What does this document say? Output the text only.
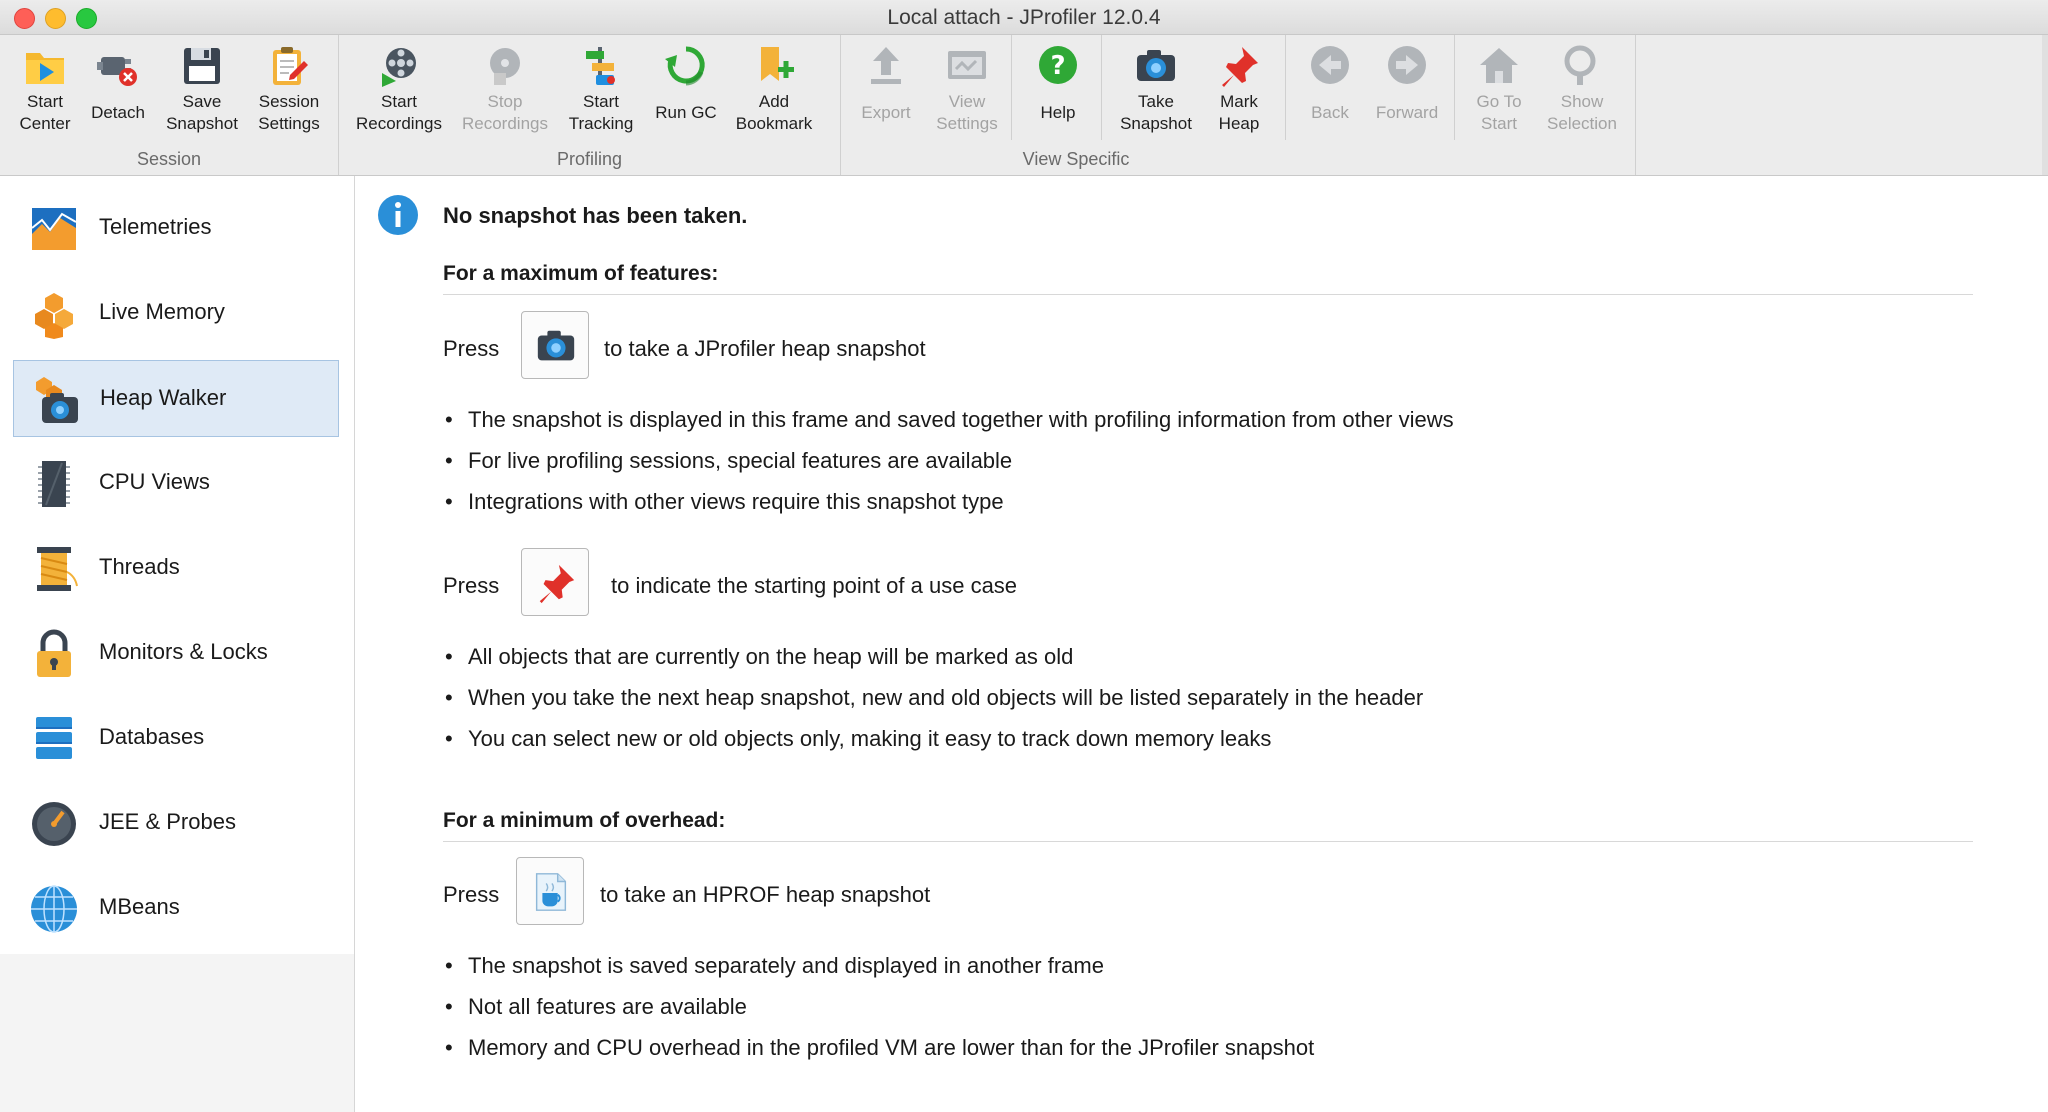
Local attach - JProfiler 12.0.4
Start
Center
Detach
Save
Snapshot
Session
Settings
Session
Start
Recordings
Stop
Recordings
Start
Tracking
Run GC
Add
Bookmark
Profiling
Export
View
Settings
?
Help
Take
Snapshot
Mark
Heap
Back	Forward
Go To
Start
Show
Selection
View Specific
Telemetries
Live Memory
Heap Walker
CPU Views
Threads
Monitors & Locks
Databases
JEE & Probes
MBeans
No snapshot has been taken.
For a maximum of features:
Press	to take a JProfiler heap snapshot
• The snapshot is displayed in this frame and saved together with profiling information from other views
• For live profiling sessions, special features are available
• Integrations with other views require this snapshot type
Press	to indicate the starting point of a use case
• All objects that are currently on the heap will be marked as old
• When you take the next heap snapshot, new and old objects will be listed separately in the header
• You can select new or old objects only, making it easy to track down memory leaks
For a minimum of overhead:
Press	to take an HPROF heap snapshot
• The snapshot is saved separately and displayed in another frame
• Not all features are available
• Memory and CPU overhead in the profiled VM are lower than for the JProfiler snapshot
